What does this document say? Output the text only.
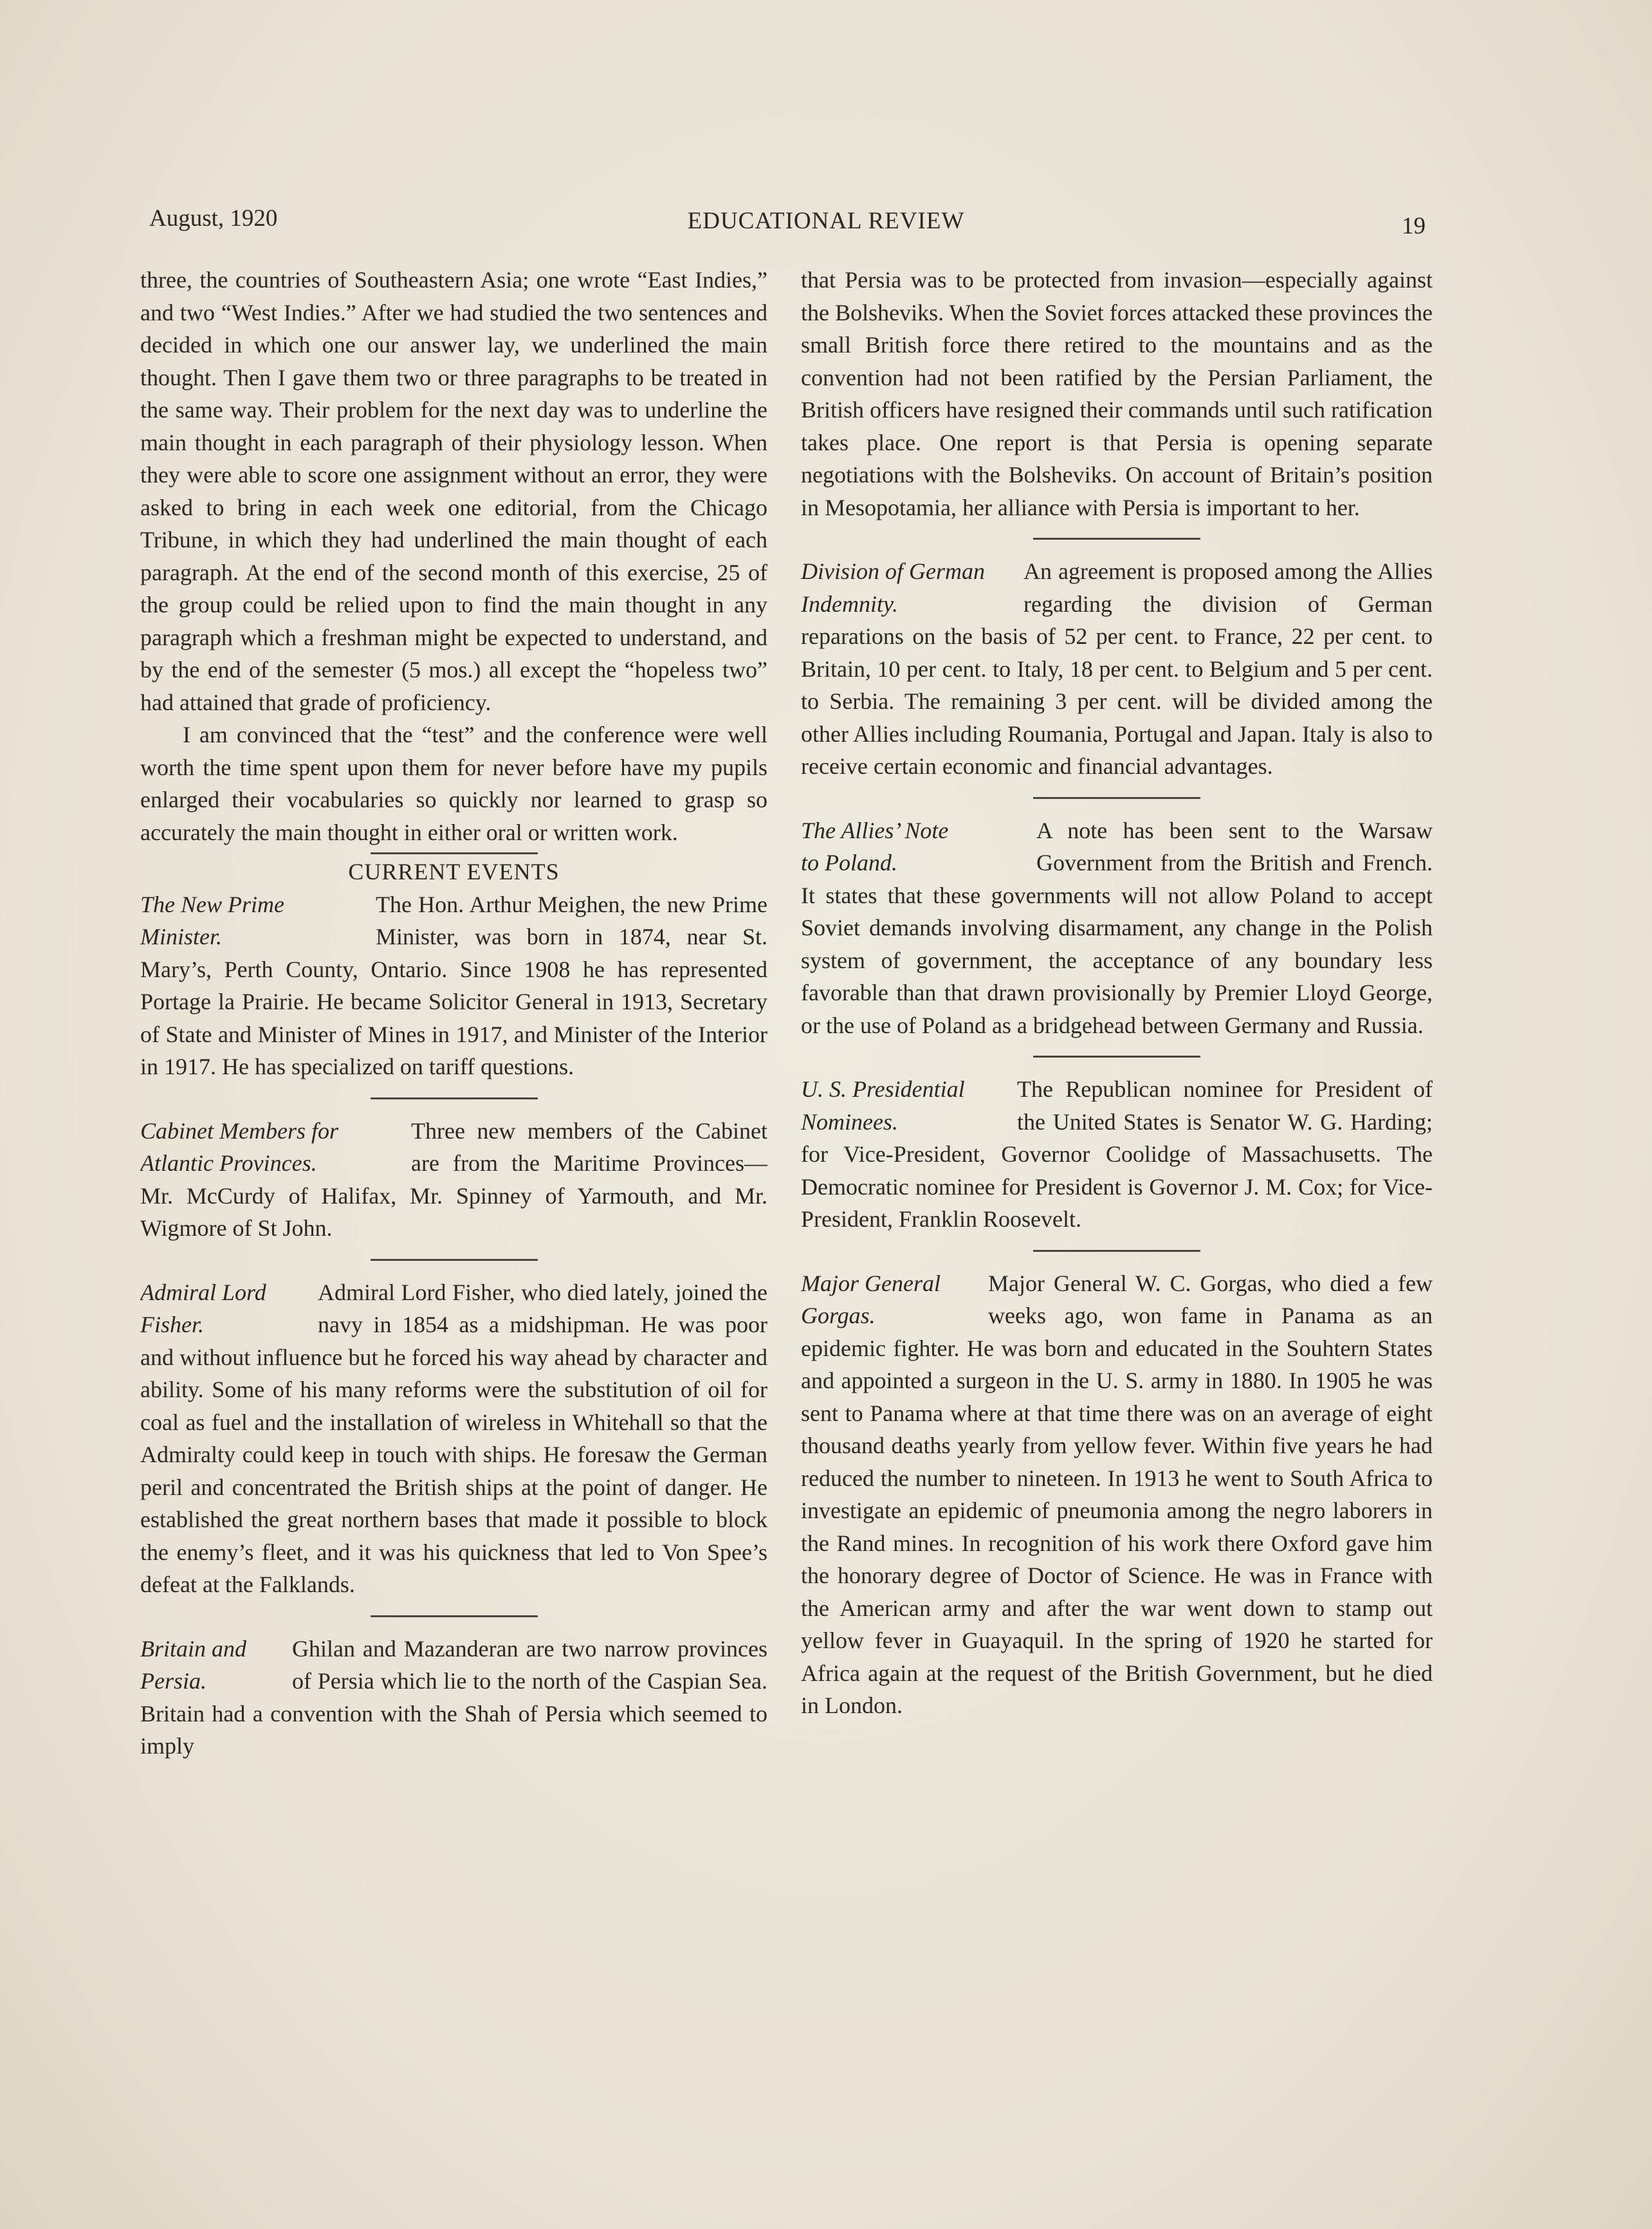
August, 1920	EDUCATIONAL REVIEW	19

three, the countries of Southeastern Asia; one wrote “East Indies,” and two “West Indies.” After we had studied the two sentences and decided in which one our answer lay, we underlined the main thought. Then I gave them two or three paragraphs to be treated in the same way. Their problem for the next day was to underline the main thought in each paragraph of their physiology lesson. When they were able to score one assignment without an error, they were asked to bring in each week one editorial, from the Chicago Tribune, in which they had underlined the main thought of each paragraph. At the end of the second month of this exercise, 25 of the group could be relied upon to find the main thought in any paragraph which a freshman might be expected to understand, and by the end of the semester (5 mos.) all except the “hopeless two” had attained that grade of proficiency.

I am convinced that the “test” and the conference were well worth the time spent upon them for never before have my pupils enlarged their vocabularies so quickly nor learned to grasp so accurately the main thought in either oral or written work.

CURRENT EVENTS
The New Prime
Minister.

The Hon. Arthur Meighen, the new Prime Minister, was born in 1874, near St. Mary’s, Perth County, Ontario. Since 1908 he has represented Portage la Prairie. He became Solicitor General in 1913, Secretary of State and Minister of Mines in 1917, and Minister of the Interior in 1917. He has specialized on tariff questions.

Cabinet Members for
Atlantic Provinces.

Three new members of the Cabinet are from the Maritime Provinces—Mr. McCurdy of Halifax, Mr. Spinney of Yarmouth, and Mr. Wigmore of St John.

Admiral Lord
Fisher.

Admiral Lord Fisher, who died lately, joined the navy in 1854 as a midshipman. He was poor and without influence but he forced his way ahead by character and ability. Some of his many reforms were the substitution of oil for coal as fuel and the installation of wireless in Whitehall so that the Admiralty could keep in touch with ships. He foresaw the German peril and concentrated the British ships at the point of danger. He established the great northern bases that made it possible to block the enemy’s fleet, and it was his quickness that led to Von Spee’s defeat at the Falklands.

Britain and
Persia.

Ghilan and Mazanderan are two narrow provinces of Persia which lie to the north of the Caspian Sea. Britain had a convention with the Shah of Persia which seemed to imply

that Persia was to be protected from invasion—especially against the Bolsheviks. When the Soviet forces attacked these provinces the small British force there retired to the mountains and as the convention had not been ratified by the Persian Parliament, the British officers have resigned their commands until such ratification takes place. One report is that Persia is opening separate negotiations with the Bolsheviks. On account of Britain’s position in Mesopotamia, her alliance with Persia is important to her.

Division of German
Indemnity.

An agreement is proposed among the Allies regarding the division of German reparations on the basis of 52 per cent. to France, 22 per cent. to Britain, 10 per cent. to Italy, 18 per cent. to Belgium and 5 per cent. to Serbia. The remaining 3 per cent. will be divided among the other Allies including Roumania, Portugal and Japan. Italy is also to receive certain economic and financial advantages.

The Allies’ Note
to Poland.

A note has been sent to the Warsaw Government from the British and French. It states that these governments will not allow Poland to accept Soviet demands involving disarmament, any change in the Polish system of government, the acceptance of any boundary less favorable than that drawn provisionally by Premier Lloyd George, or the use of Poland as a bridgehead between Germany and Russia.

U. S. Presidential
Nominees.

The Republican nominee for President of the United States is Senator W. G. Harding; for Vice-President, Governor Coolidge of Massachusetts. The Democratic nominee for President is Governor J. M. Cox; for Vice-President, Franklin Roosevelt.

Major General
Gorgas.

Major General W. C. Gorgas, who died a few weeks ago, won fame in Panama as an epidemic fighter. He was born and educated in the Souhtern States and appointed a surgeon in the U. S. army in 1880. In 1905 he was sent to Panama where at that time there was on an average of eight thousand deaths yearly from yellow fever. Within five years he had reduced the number to nineteen. In 1913 he went to South Africa to investigate an epidemic of pneumonia among the negro laborers in the Rand mines. In recognition of his work there Oxford gave him the honorary degree of Doctor of Science. He was in France with the American army and after the war went down to stamp out yellow fever in Guayaquil. In the spring of 1920 he started for Africa again at the request of the British Government, but he died in London.
